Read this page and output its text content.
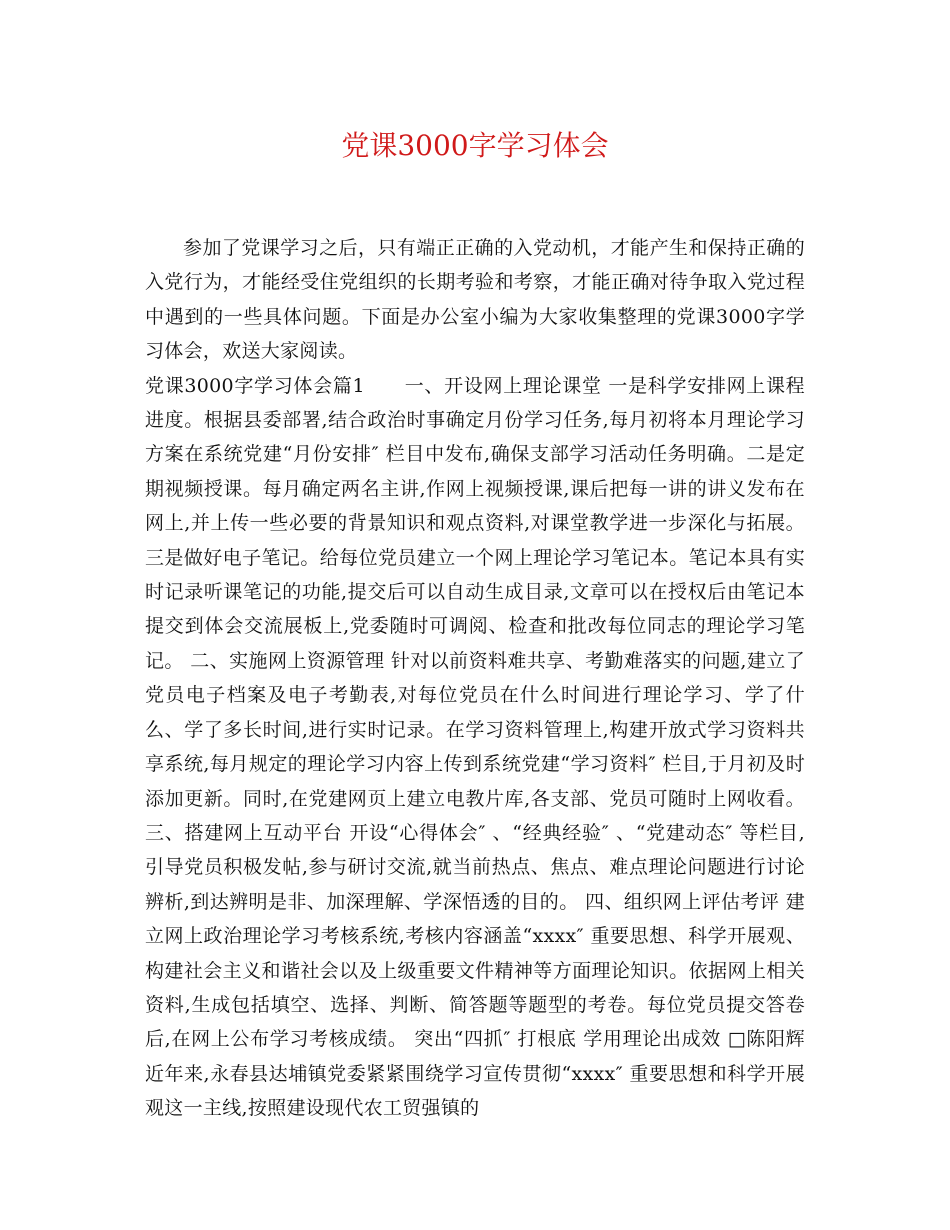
党课3000字学习体会

参加了党课学习之后，只有端正正确的入党动机，才能产生和保持正确的入党行为，才能经受住党组织的长期考验和考察，才能正确对待争取入党过程中遇到的一些具体问题。下面是办公室小编为大家收集整理的党课3000字学习体会，欢送大家阅读。

党课3000字学习体会篇1　　一、开设网上理论课堂 一是科学安排网上课程进度。根据县委部署,结合政治时事确定月份学习任务,每月初将本月理论学习方案在系统党建“月份安排″ 栏目中发布,确保支部学习活动任务明确。二是定期视频授课。每月确定两名主讲,作网上视频授课,课后把每一讲的讲义发布在网上,并上传一些必要的背景知识和观点资料,对课堂教学进一步深化与拓展。三是做好电子笔记。给每位党员建立一个网上理论学习笔记本。笔记本具有实时记录听课笔记的功能,提交后可以自动生成目录,文章可以在授权后由笔记本提交到体会交流展板上,党委随时可调阅、检查和批改每位同志的理论学习笔记。 二、实施网上资源管理 针对以前资料难共享、考勤难落实的问题,建立了党员电子档案及电子考勤表,对每位党员在什么时间进行理论学习、学了什么、学了多长时间,进行实时记录。在学习资料管理上,构建开放式学习资料共享系统,每月规定的理论学习内容上传到系统党建“学习资料″ 栏目,于月初及时添加更新。同时,在党建网页上建立电教片库,各支部、党员可随时上网收看。 三、搭建网上互动平台 开设“心得体会″ 、“经典经验″ 、“党建动态″ 等栏目,引导党员积极发帖,参与研讨交流,就当前热点、焦点、难点理论问题进行讨论辨析,到达辨明是非、加深理解、学深悟透的目的。 四、组织网上评估考评 建立网上政治理论学习考核系统,考核内容涵盖“xxxx″ 重要思想、科学开展观、构建社会主义和谐社会以及上级重要文件精神等方面理论知识。依据网上相关资料,生成包括填空、选择、判断、简答题等题型的考卷。每位党员提交答卷后,在网上公布学习考核成绩。 突出“四抓″ 打根底 学用理论出成效 □陈阳辉 近年来,永春县达埔镇党委紧紧围绕学习宣传贯彻“xxxx″ 重要思想和科学开展观这一主线,按照建设现代农工贸强镇的
